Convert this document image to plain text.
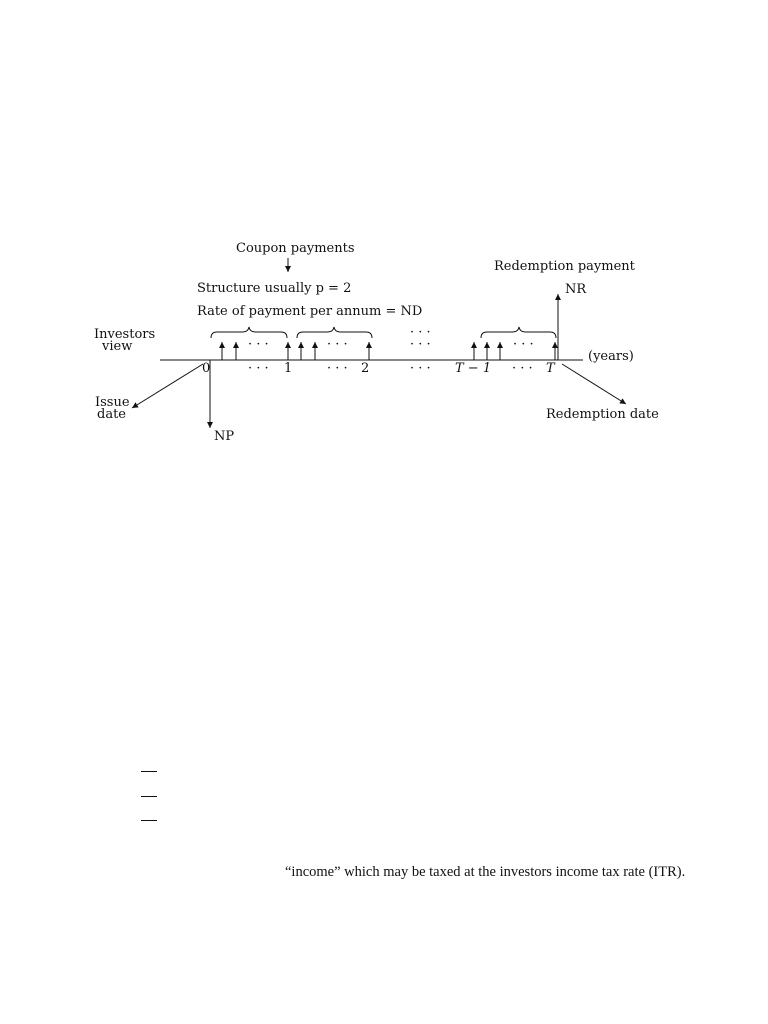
Coupon payments
Structure usually p = 2
Rate of payment per annum = ND
Redemption payment
NR
Investors
view
(years)
· · ·	· · ·
· · ·
· · ·	· · ·
0	· · · 1	· · · 2	· · · T − 1 · · · T
Issue
date
NP
Redemption date

“income” which may be taxed at the investors income tax rate (ITR).
